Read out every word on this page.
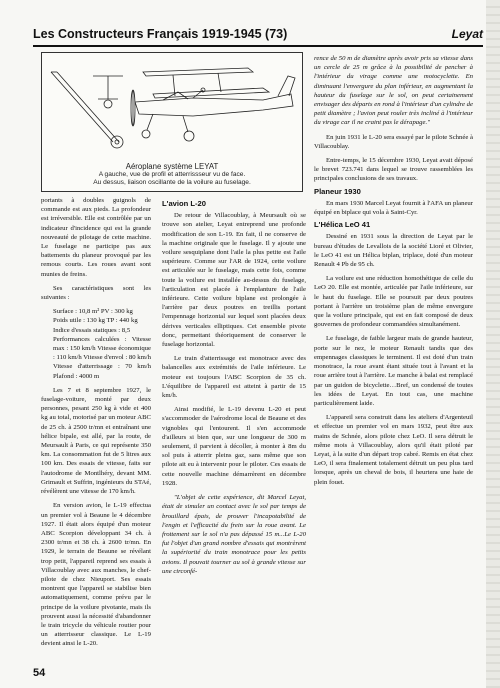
Les Constructeurs Français 1919-1945 (73)	Leyat
Aéroplane système LEYAT
A gauche, vue de profil et atterrissseur vu de face.
Au dessus, liaison oscillante de la voilure au fuselage.

portants à doubles guignols de commande est aux pieds. La profondeur est irréversible. Elle est contrôlée par un indicateur d'incidence qui est la grande nouveauté de pilotage de cette machine. Le fuselage ne participe pas aux battements du planeur provoqué par les remous courts. Les roues avant sont munies de freins.

Ses caractéristiques sont les suivantes :

Surface : 10,8 m² PV : 300 kg

Poids utile : 130 kg TP : 440 kg

Indice d'essais statiques : 8,5

Performances calculées : Vitesse max : 150 km/h Vitesse économique : 110 km/h Vitesse d'envol : 80 km/h Vitesse d'atterrissage : 70 km/h Plafond : 4000 m

Les 7 et 8 septembre 1927, le fuselage-voiture, monté par deux personnes, pesant 250 kg à vide et 400 kg au total, motorisé par un moteur ABC de 25 ch. à 2500 tr/mn et entraînant une hélice bipale, est allé, par la route, de Meursault à Paris, ce qui représente 350 km. La consommation fut de 5 litres aux 100 km. Des essais de vitesse, faits sur l'autodrome de Montlhéry, devant MM. Grimault et Suffrin, ingénieurs du STAé, révélèrent une vitesse de 170 km/h.

En version avion, le L-19 effectua un premier vol à Beaune le 4 décembre 1927. Il était alors équipé d'un moteur ABC Scorpion développant 34 ch. à 2300 tr/mn et 38 ch. à 2600 tr/mn. En 1929, le terrain de Beaune se révélant trop petit, l'appareil reprend ses essais à Villacoublay avec aux manches, le chef-pilote de chez Nieuport. Ses essais montrent que l'appareil se stabilise bien automatiquement, comme prévu par le principe de la voilure pivotante, mais ils prouvent aussi la nécessité d'abandonner le train tricycle du véhicule routier pour un atterrisseur classique. Le L-19 devient ainsi le L-20.

L'avion L-20

De retour de Villacoublay, à Meursault où se trouve son atelier, Leyat entreprend une profonde modification de son L-19. En fait, il ne conserve de la machine originale que le fuselage. Il y ajoute une voilure sesquiplane dont l'aile la plus petite est l'aile supérieure. Comme sur l'AR de 1924, cette voilure est articulée sur le fuselage, mais cette fois, comme toute la voilure est installée au-dessus du fuselage, l'articulation est placée à l'emplanture de l'aile inférieure. Cette voilure biplane est prolongée à l'arrière par deux poutres en treillis portant l'empennage horizontal sur lequel sont placées deux dérives verticales elliptiques. Cet ensemble pivote donc, permettant théoriquement de conserver le fuselage horizontal.

Le train d'atterrissage est monotrace avec des balancelles aux extrémités de l'aile inférieure. Le moteur est toujours l'ABC Scorpion de 35 ch. L'équilibre de l'appareil est atteint à partir de 15 km/h.

Ainsi modifié, le L-19 devenu L-20 et peut s'accommoder de l'aérodrome local de Beaune et des vignobles qui l'entourent. Il s'en accommode d'ailleurs si bien que, sur une longueur de 300 m seulement, il parvient à décoller, à monter à 8m du sol puis à atterrir pleins gaz, sans même que son pilote ait eu à intervenir pour le piloter. Ces essais de cette nouvelle machine démarrèrent en décembre 1928.

"L'objet de cette expérience, dit Marcel Leyat, était de simuler un contact avec le sol par temps de brouillard épais, de prouver l'incapotabilité de l'engin et l'efficacité du frein sur la roue avant. Le frottement sur le sol n'a pas dépassé 15 m...Le L-20 fut l'objet d'un grand nombre d'essais qui montrèrent la supériorité du train monotrace pour les petits avions. Il pouvait tourner au sol à grande vitesse sur une circonfé-

rence de 50 m de diamètre après avoir pris sa vitesse dans un cercle de 25 m grâce à la possibilité de pencher à l'intérieur du virage comme une motocyclette. En diminuant l'envergure du plan inférieur, en augmentant la hauteur du fuselage sur le sol, on peut certainement envisager des départs en rond à l'intérieur d'un cylindre de petit diamètre ; l'avion peut rouler très incliné à l'intérieur du virage car il ne craint pas le dérapage."

En juin 1931 le L-20 sera essayé par le pilote Schnée à Villacoublay.

Entre-temps, le 15 décembre 1930, Leyat avait déposé le brevet 723.741 dans lequel se trouve rassemblées les principales conclusions de ses travaux.

Planeur 1930

En mars 1930 Marcel Leyat fournit à l'AFA un planeur équipé en biplace qui vola à Saint-Cyr.

L'Hélica LeO 41

Dessiné en 1931 sous la direction de Leyat par le bureau d'études de Levallois de la société Lioré et Olivier, le LeO 41 est un Hélica biplan, triplace, doté d'un moteur Renault 4 Pb de 95 ch.

La voilure est une réduction homothétique de celle du LeO 20. Elle est montée, articulée par l'aile inférieure, sur le haut du fuselage. Elle se poursuit par deux poutres portant à l'arrière un troisième plan de même envergure que la voilure principale, qui est en fait composé de deux gouvernes de profondeur commandées simultanément.

Le fuselage, de faible largeur mais de grande hauteur, porte sur le nez, le moteur Renault tandis que des empennages classiques le terminent. Il est doté d'un train monotrace, la roue avant étant située tout à l'avant et la roue arrière tout à l'arrière. Le manche à balai est remplacé par un guidon de bicyclette…Bref, un condensé de toutes les idées de Leyat. En tout cas, une machine particulièrement laide.

L'appareil sera construit dans les ateliers d'Argenteuil et effectue un premier vol en mars 1932, peut être aux mains de Schnée, alors pilote chez LeO. Il sera détruit le même mois à Villacoublay, alors qu'il était piloté par Leyat, à la suite d'un départ trop cabré. Remis en état chez LeO, il sera finalement totalement détruit un peu plus tard lorsque, après un cheval de bois, il heurtera une haie de plein fouet.

54
